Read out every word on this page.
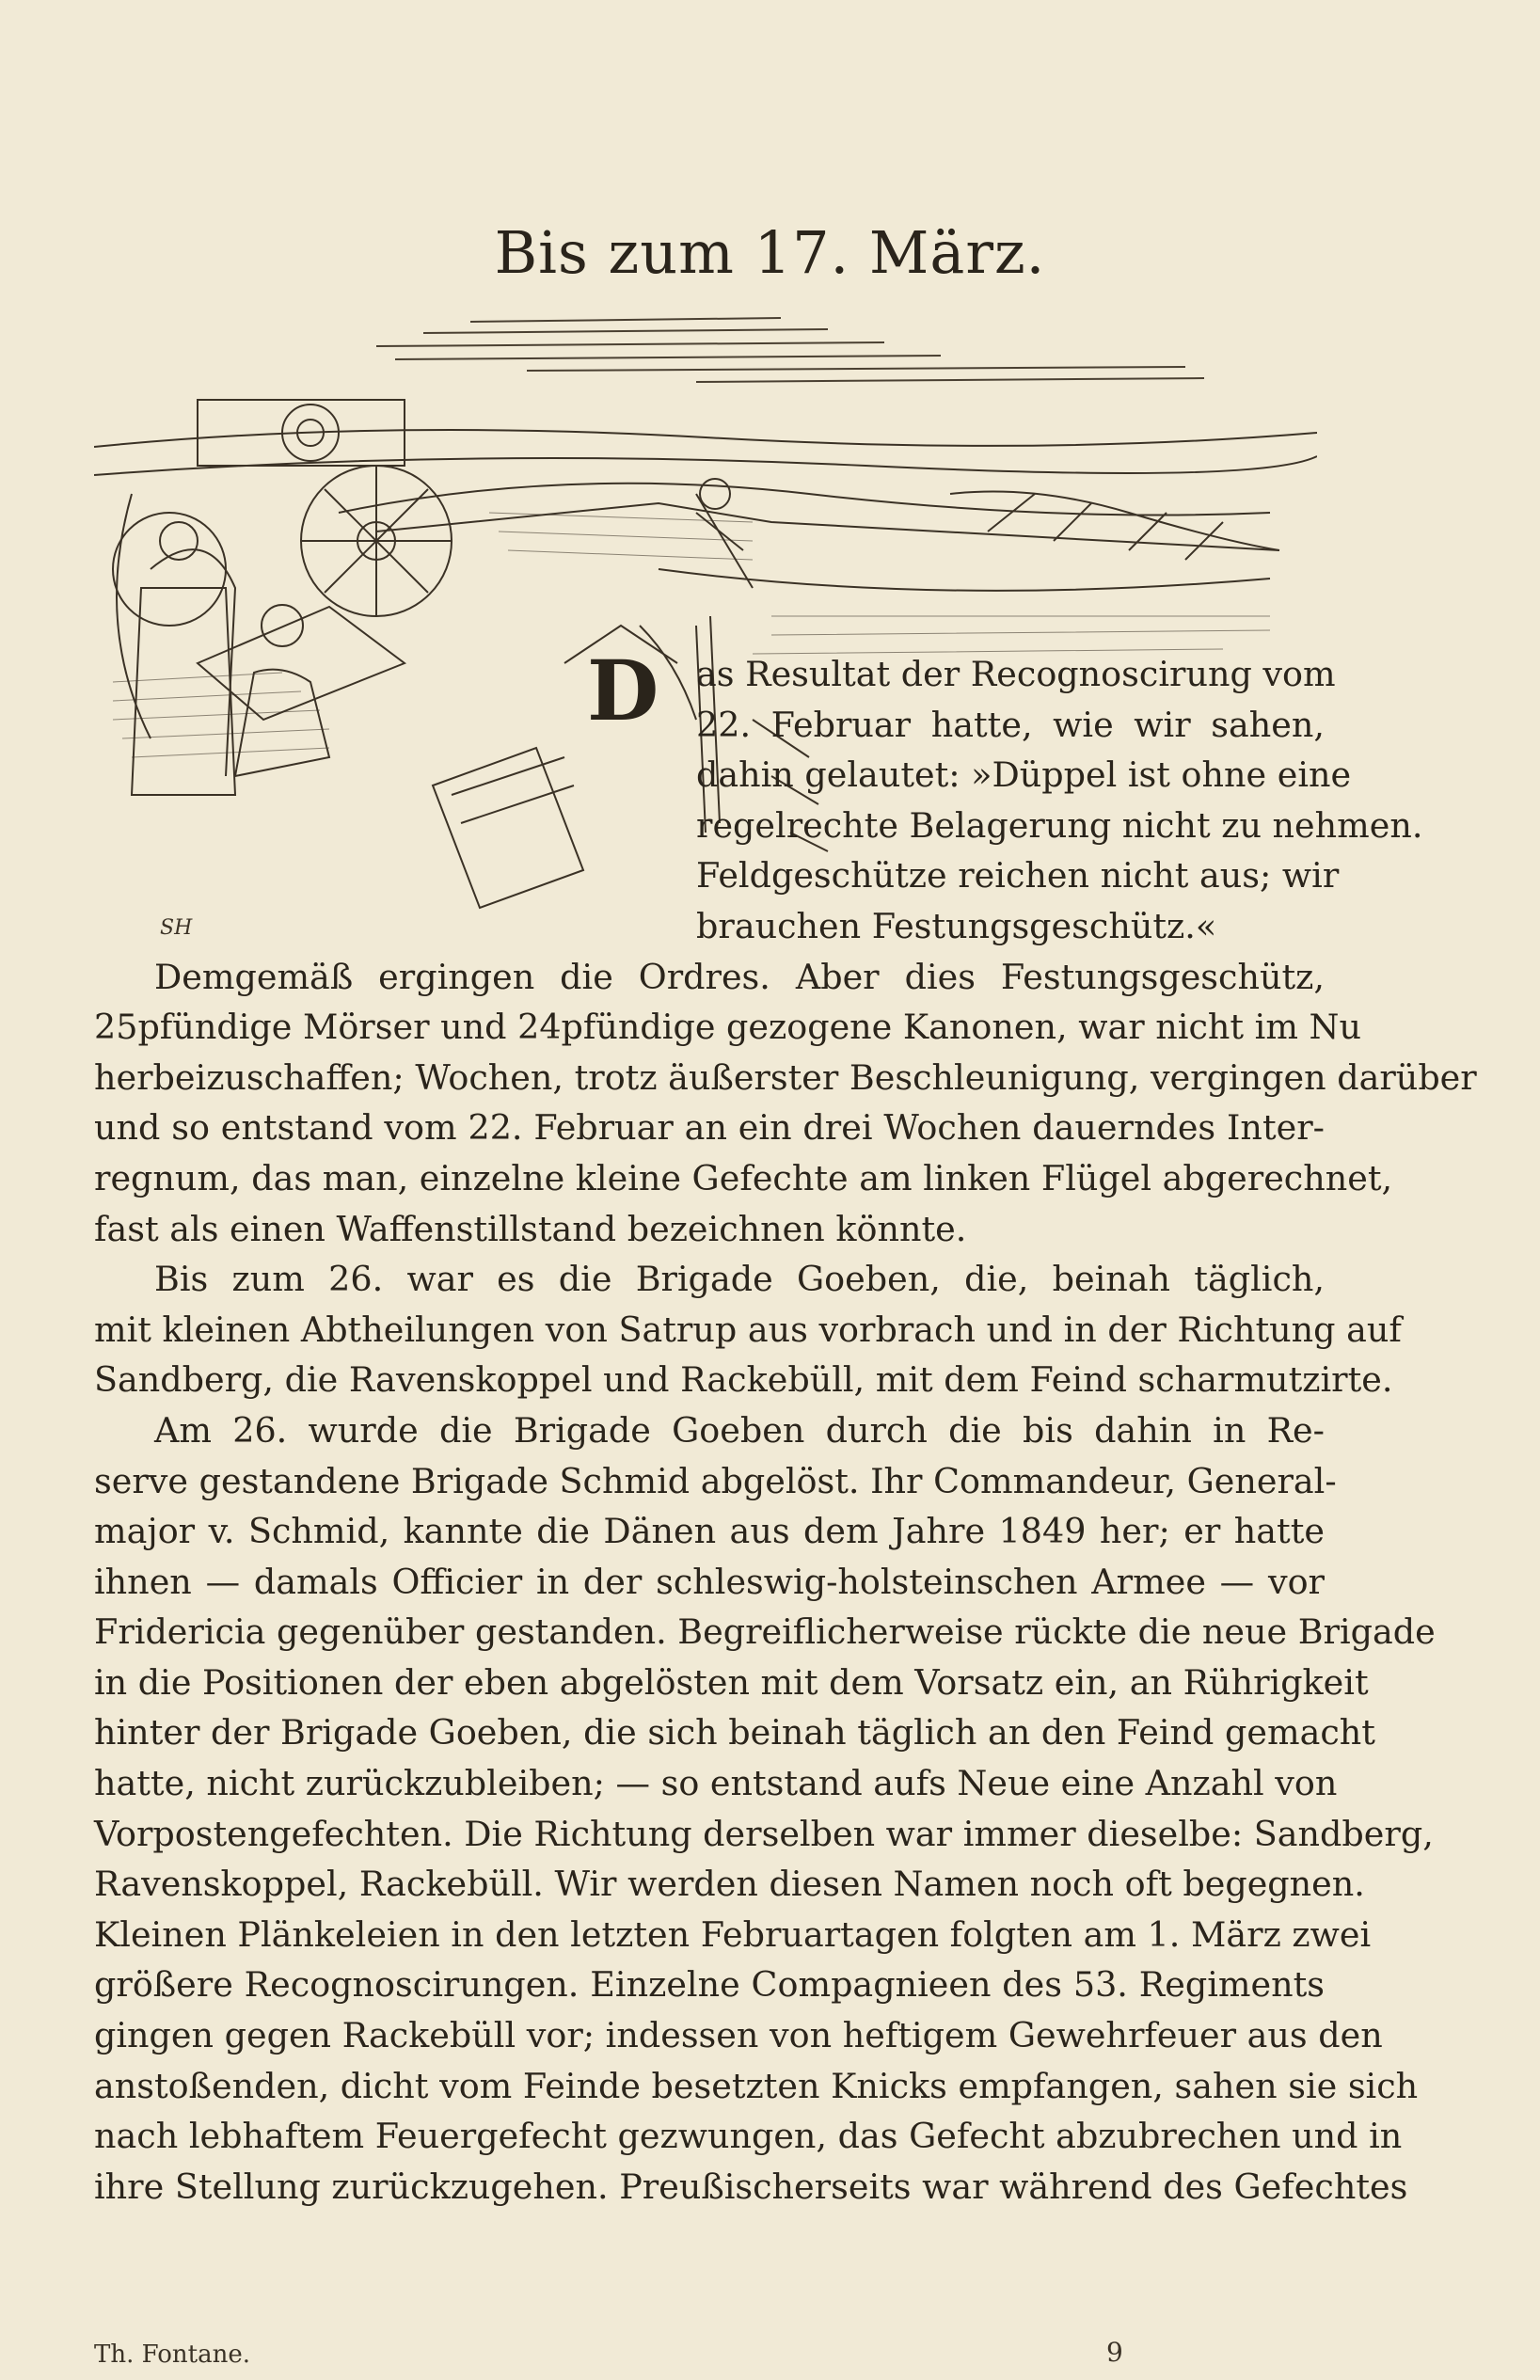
Bis zum 17. März.
SH
D as Resultat der Recognoscirung vom
22. Februar hatte, wie wir sahen,
dahin gelautet: »Düppel ist ohne eine
regelrechte Belagerung nicht zu nehmen.
Feldgeschütze reichen nicht aus; wir
brauchen Festungsgeschütz.«
Demgemäß ergingen die Ordres. Aber dies Festungsgeschütz,
25pfündige Mörser und 24pfündige gezogene Kanonen, war nicht im Nu
herbeizuschaffen; Wochen, trotz äußerster Beschleunigung, vergingen darüber
und so entstand vom 22. Februar an ein drei Wochen dauerndes Inter-
regnum, das man, einzelne kleine Gefechte am linken Flügel abgerechnet,
fast als einen Waffenstillstand bezeichnen könnte.
Bis zum 26. war es die Brigade Goeben, die, beinah täglich,
mit kleinen Abtheilungen von Satrup aus vorbrach und in der Richtung auf
Sandberg, die Ravenskoppel und Rackebüll, mit dem Feind scharmutzirte.
Am 26. wurde die Brigade Goeben durch die bis dahin in Re-
serve gestandene Brigade Schmid abgelöst. Ihr Commandeur, General-
major v. Schmid, kannte die Dänen aus dem Jahre 1849 her; er hatte
ihnen — damals Officier in der schleswig-holsteinschen Armee — vor
Fridericia gegenüber gestanden. Begreiflicherweise rückte die neue Brigade
in die Positionen der eben abgelösten mit dem Vorsatz ein, an Rührigkeit
hinter der Brigade Goeben, die sich beinah täglich an den Feind gemacht
hatte, nicht zurückzubleiben; — so entstand aufs Neue eine Anzahl von
Vorpostengefechten. Die Richtung derselben war immer dieselbe: Sandberg,
Ravenskoppel, Rackebüll. Wir werden diesen Namen noch oft begegnen.
Kleinen Plänkeleien in den letzten Februartagen folgten am 1. März zwei
größere Recognoscirungen. Einzelne Compagnieen des 53. Regiments
gingen gegen Rackebüll vor; indessen von heftigem Gewehrfeuer aus den
anstoßenden, dicht vom Feinde besetzten Knicks empfangen, sahen sie sich
nach lebhaftem Feuergefecht gezwungen, das Gefecht abzubrechen und in
ihre Stellung zurückzugehen. Preußischerseits war während des Gefechtes
Th. Fontane.	9
